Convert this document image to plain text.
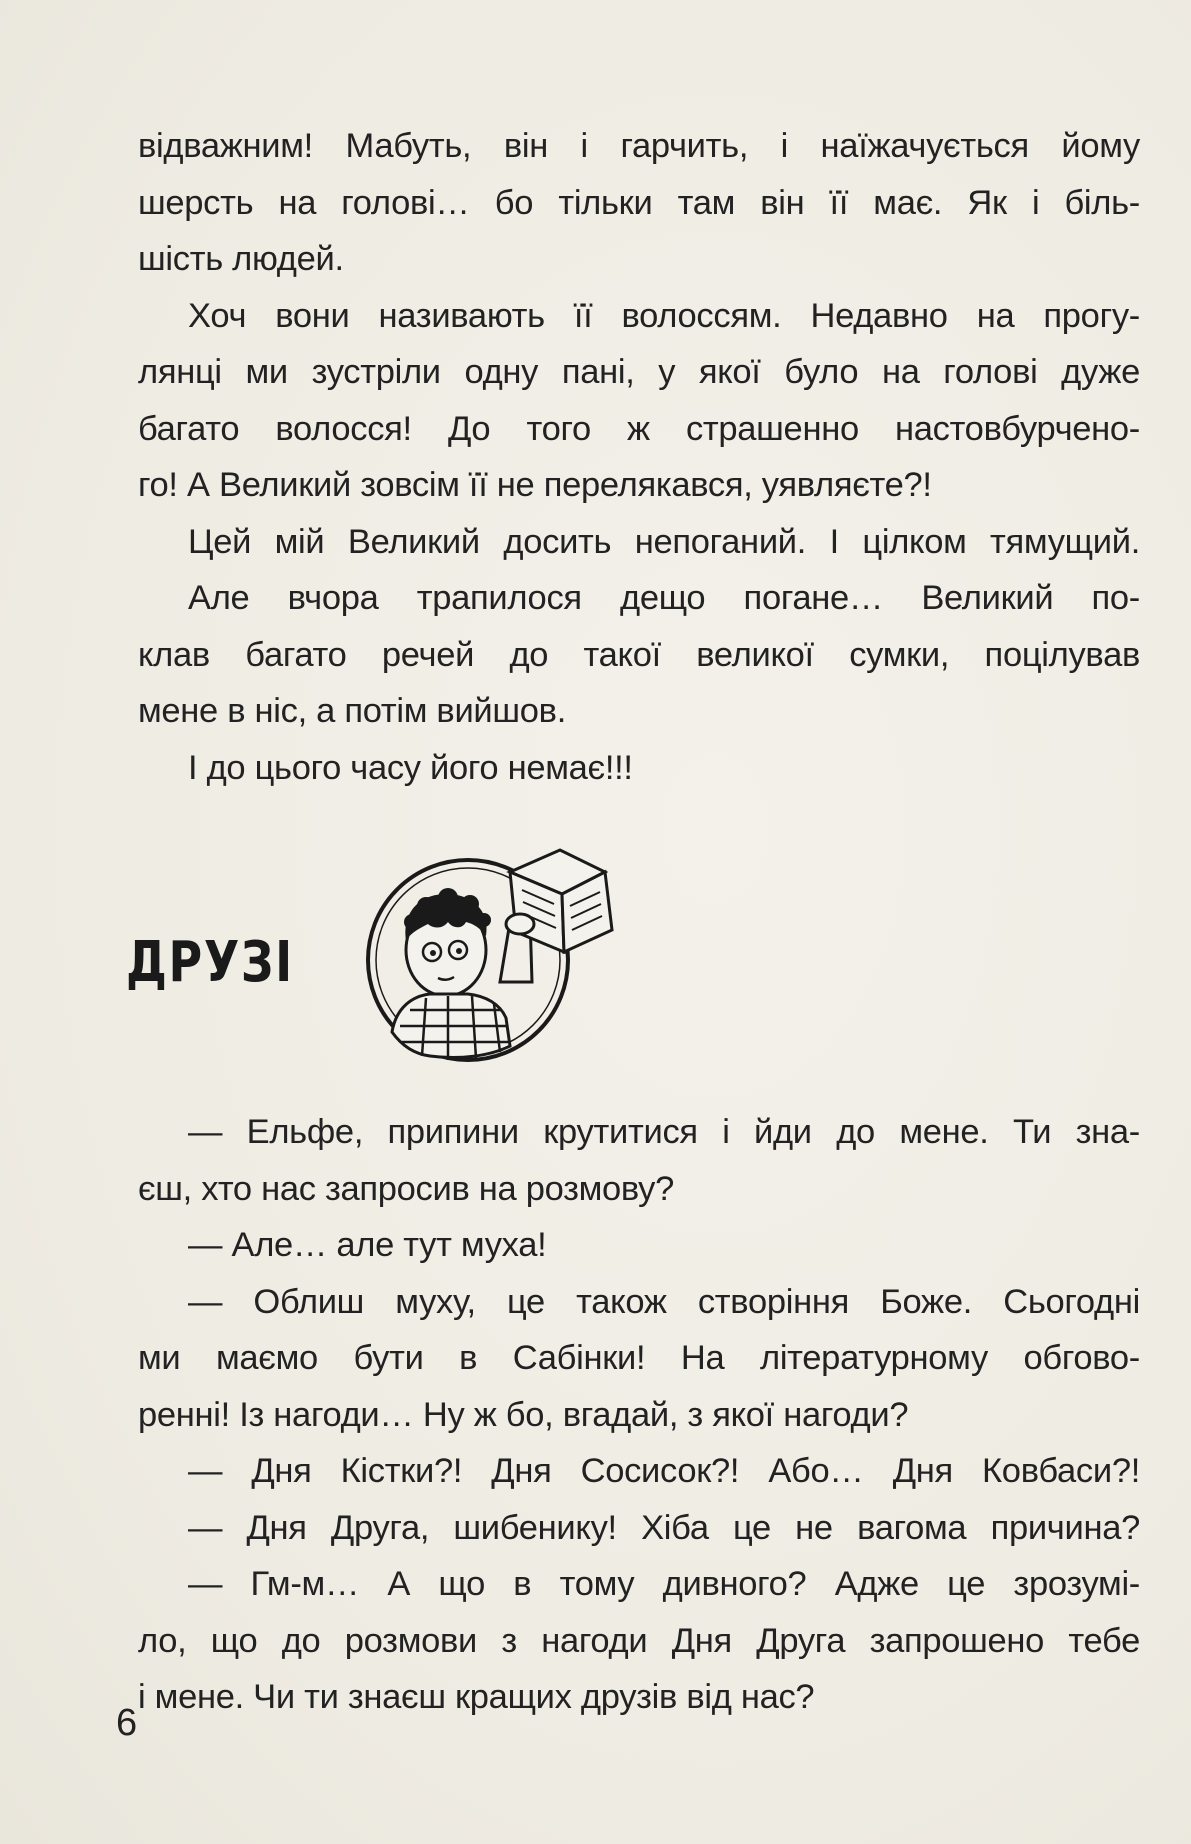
відважним! Мабуть, він і гарчить, і наїжачується йому
шерсть на голові… бо тільки там він її має. Як і біль-
шість людей.

Хоч вони називають її волоссям. Недавно на прогу-

лянці ми зустріли одну пані, у якої було на голові дуже
багато волосся! До того ж страшенно настовбурчено-
го! А Великий зовсім її не перелякався, уявляєте?!

Цей мій Великий досить непоганий. І цілком тямущий.

Але вчора трапилося дещо погане… Великий по-

клав багато речей до такої великої сумки, поцілував
мене в ніс, а потім вийшов.

І до цього часу його немає!!!

ДРУЗІ

— Ельфе, припини крутитися і йди до мене. Ти зна-

єш, хто нас запросив на розмову?

— Але… але тут муха!

— Облиш муху, це також створіння Боже. Сьогодні

ми маємо бути в Сабінки! На літературному обгово-
ренні! Із нагоди… Ну ж бо, вгадай, з якої нагоди?

— Дня Кістки?! Дня Сосисок?! Або… Дня Ковбаси?!

— Дня Друга, шибенику! Хіба це не вагома причина?

— Гм-м… А що в тому дивного? Адже це зрозумі-

ло, що до розмови з нагоди Дня Друга запрошено тебе
і мене. Чи ти знаєш кращих друзів від нас?

6
